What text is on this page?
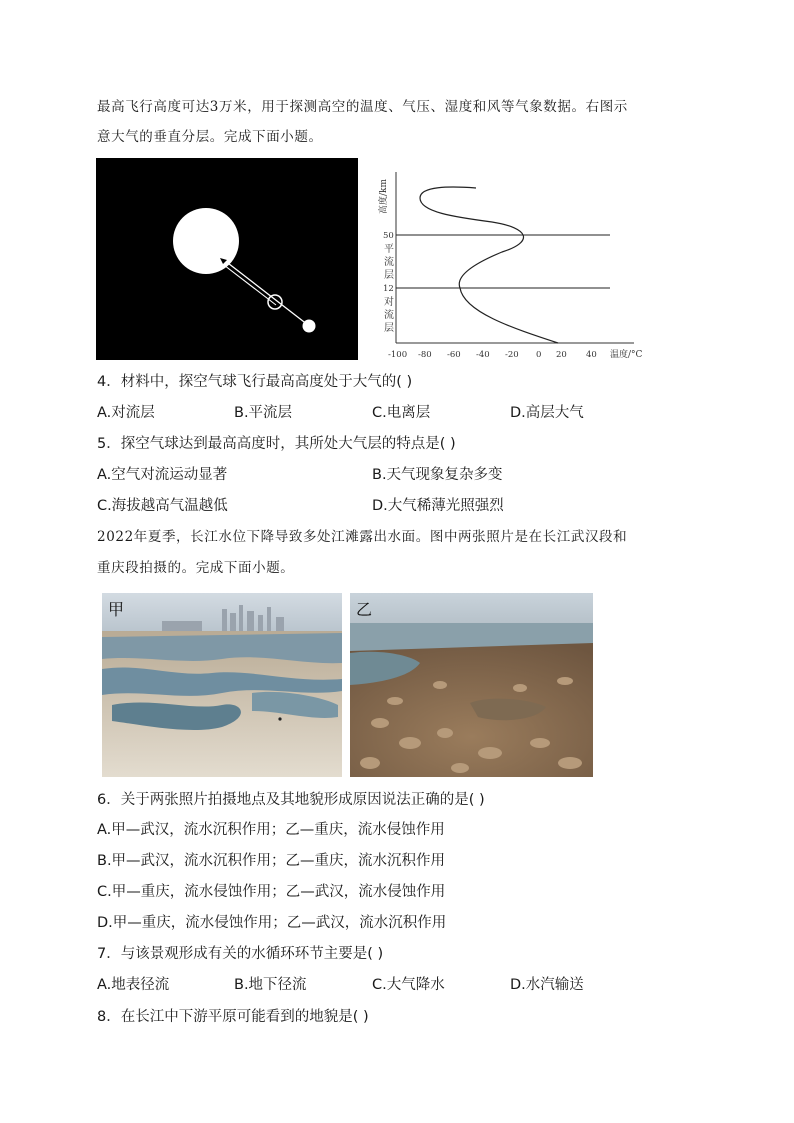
最高飞行高度可达3万米，用于探测高空的温度、气压、湿度和风等气象数据。右图示
意大气的垂直分层。完成下面小题。
高度/km
50
12
平流层
对流层
-100 -80 -60 -40 -20 0 20 40 温度/°C
4．材料中，探空气球飞行最高高度处于大气的( )
A.对流层	B.平流层	C.电离层	D.高层大气
5．探空气球达到最高高度时，其所处大气层的特点是( )
A.空气对流运动显著	B.天气现象复杂多变
C.海拔越高气温越低	D.大气稀薄光照强烈
2022年夏季，长江水位下降导致多处江滩露出水面。图中两张照片是在长江武汉段和
重庆段拍摄的。完成下面小题。
甲	乙
6．关于两张照片拍摄地点及其地貌形成原因说法正确的是( )
A.甲—武汉，流水沉积作用；乙—重庆，流水侵蚀作用
B.甲—武汉，流水沉积作用；乙—重庆，流水沉积作用
C.甲—重庆，流水侵蚀作用；乙—武汉，流水侵蚀作用
D.甲—重庆，流水侵蚀作用；乙—武汉，流水沉积作用
7．与该景观形成有关的水循环环节主要是( )
A.地表径流	B.地下径流	C.大气降水	D.水汽输送
8．在长江中下游平原可能看到的地貌是( )
